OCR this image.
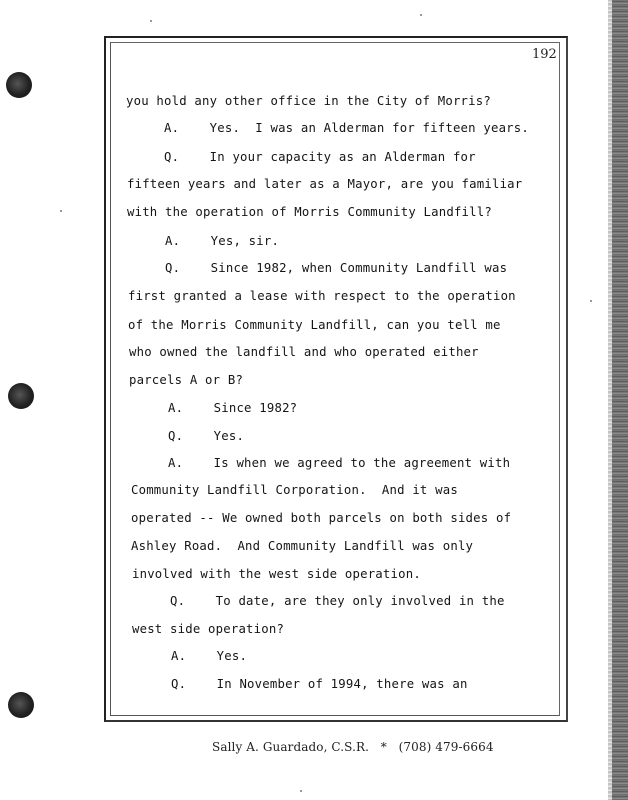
192
you hold any other office in the City of Morris?
A.    Yes.  I was an Alderman for fifteen years.
Q.    In your capacity as an Alderman for
fifteen years and later as a Mayor, are you familiar
with the operation of Morris Community Landfill?
A.    Yes, sir.
Q.    Since 1982, when Community Landfill was
first granted a lease with respect to the operation
of the Morris Community Landfill, can you tell me
who owned the landfill and who operated either
parcels A or B?
A.    Since 1982?
Q.    Yes.
A.    Is when we agreed to the agreement with
Community Landfill Corporation.  And it was
operated -- We owned both parcels on both sides of
Ashley Road.  And Community Landfill was only
involved with the west side operation.
Q.    To date, are they only involved in the
west side operation?
A.    Yes.
Q.    In November of 1994, there was an
Sally A. Guardado, C.S.R.   *   (708) 479-6664
